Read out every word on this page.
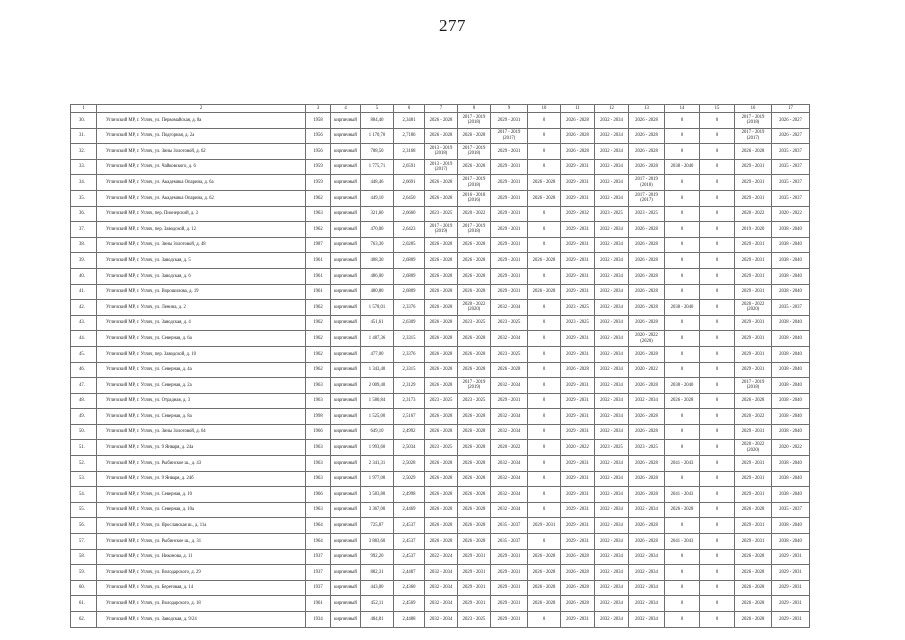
277
1	2	3	4	5	6	7	8	9	10	11	12	13	14	15	16	17
30.	Угличский МР, г. Углич, ул. Первомайская, д. 8а	1958	кирпичный	884,40	2,3481	2026 - 2028	2017 - 2019
(2018)	2029 - 2031	0	2026 - 2028	2032 - 2034	2026 - 2028	0	0	2017 - 2019
(2018)	2026 - 2027
31.	Угличский МР, г. Углич, ул. Подгорная, д. 2а	1956	кирпичный	1 170,70	2,7186	2026 - 2028	2026 - 2028	2017 - 2019
(2017)	0	2026 - 2028	2032 - 2034	2026 - 2028	0	0	2017 - 2019
(2017)	2026 - 2027
32.	Угличский МР, г. Углич, ул. Зины Золотовой, д. 62	1956	кирпичный	708,50	2,3168	2013 - 2019
(2018)	2017 - 2019
(2018)	2029 - 2031	0	2026 - 2028	2032 - 2034	2026 - 2028	0	0	2026 - 2028	2035 - 2037
33.	Угличский МР, г. Углич, ул. Чайковского, д. 6	1959	кирпичный	1 775,71	2,6591	2013 - 2019
(2017)	2026 - 2028	2029 - 2031	0	2029 - 2031	2032 - 2034	2026 - 2028	2038 - 2040	0	2029 - 2031	2035 - 2037
34.	Угличский МР, г. Углич, ул. Академика Опарина, д. 6а	1959	кирпичный	448,46	2,6691	2026 - 2028	2017 - 2019
(2018)	2029 - 2031	2026 - 2028	2029 - 2031	2032 - 2034	2017 - 2019
(2018)	0	0	2029 - 2031	2035 - 2037
35.	Угличский МР, г. Углич, ул. Академика Опарина, д. 62	1962	кирпичный	449,10	2,6450	2026 - 2028	2016 - 2018
(2016)	2029 - 2031	2026 - 2028	2029 - 2031	2032 - 2034	2017 - 2019
(2017)	0	0	2029 - 2031	2035 - 2037
36.	Угличский МР, г. Углич, пер. Пионерский, д. 3	1963	кирпичный	321,60	2,6660	2023 - 2025	2020 - 2022	2029 - 2031	0	2029 - 2032	2023 - 2025	2023 - 2025	0	0	2020 - 2022	2020 - 2022
37.	Угличский МР, г. Углич, пер. Заводской, д. 12	1962	кирпичный	470,00	2,6423	2017 - 2019
(2019)	2017 - 2019
(2018)	2029 - 2031	0	2029 - 2031	2032 - 2034	2026 - 2028	0	0	2019 - 2020	2038 - 2040
38.	Угличский МР, г. Углич, ул. Зины Золотовой, д. 48	1987	кирпичный	763,30	2,0285	2026 - 2028	2026 - 2028	2029 - 2031	0	2029 - 2031	2032 - 2034	2026 - 2028	0	0	2029 - 2031	2038 - 2040
39.	Угличский МР, г. Углич, ул. Заводская, д. 5	1961	кирпичный	408,30	2,6809	2026 - 2028	2026 - 2028	2029 - 2031	2026 - 2028	2029 - 2031	2032 - 2034	2026 - 2028	0	0	2029 - 2031	2038 - 2040
40.	Угличский МР, г. Углич, ул. Заводская, д. 6	1961	кирпичный	486,00	2,6809	2026 - 2028	2026 - 2028	2029 - 2031	0	2029 - 2031	2032 - 2034	2026 - 2028	0	0	2029 - 2031	2038 - 2040
41.	Угличский МР, г. Углич, ул. Ворошилова, д. 19	1961	кирпичный	480,80	2,6809	2026 - 2028	2026 - 2028	2029 - 2031	2026 - 2028	2029 - 2031	2032 - 2034	2026 - 2028	0	0	2029 - 2031	2038 - 2040
42.	Угличский МР, г. Углич, ул. Ленина, д. 2	1962	кирпичный	1 578,01	2,3376	2026 - 2028	2020 - 2022
(2020)	2032 - 2034	0	2023 - 2025	2032 - 2034	2026 - 2028	2038 - 2040	0	2020 - 2022
(2020)	2035 - 2037
43.	Угличский МР, г. Углич, ул. Заводская, д. 4	1962	кирпичный	451,61	2,6309	2026 - 2028	2023 - 2025	2023 - 2025	0	2023 - 2025	2032 - 2034	2026 - 2028	0	0	2029 - 2031	2038 - 2040
44.	Угличский МР, г. Углич, ул. Северная, д. 6а	1962	кирпичный	1 487,36	2,3315	2026 - 2028	2026 - 2028	2032 - 2034	0	2029 - 2031	2032 - 2034	2020 - 2022
(2020)	0	0	2029 - 2031	2038 - 2040
45.	Угличский МР, г. Углич, пер. Заводской, д. 10	1962	кирпичный	477,00	2,3376	2026 - 2028	2026 - 2028	2023 - 2025	0	2029 - 2031	2032 - 2034	2026 - 2028	0	0	2029 - 2031	2038 - 2040
46.	Угличский МР, г. Углич, ул. Северная, д. 4а	1962	кирпичный	1 343,40	2,3315	2026 - 2028	2026 - 2028	2026 - 2028	0	2026 - 2028	2032 - 2034	2020 - 2022	0	0	2029 - 2031	2038 - 2040
47.	Угличский МР, г. Углич, ул. Северная, д. 2а	1963	кирпичный	2 009,40	2,3129	2026 - 2028	2017 - 2019
(2019)	2032 - 2034	0	2029 - 2031	2032 - 2034	2026 - 2028	2038 - 2040	0	2017 - 2019
(2018)	2038 - 2040
48.	Угличский МР, г. Углич, ул. Отрадная, д. 3	1963	кирпичный	1 580,84	2,3173	2023 - 2025	2023 - 2025	2029 - 2031	0	2029 - 2031	2032 - 2034	2032 - 2034	2026 - 2028	0	2026 - 2028	2038 - 2040
49.	Угличский МР, г. Углич, ул. Северная, д. 8а	1998	кирпичный	1 525,00	2,5167	2026 - 2028	2026 - 2028	2032 - 2034	0	2029 - 2031	2032 - 2034	2026 - 2028	0	0	2020 - 2022	2038 - 2040
50.	Угличский МР, г. Углич, ул. Зины Золотовой, д. 64	1966	кирпичный	649,10	2,4992	2026 - 2028	2026 - 2028	2032 - 2034	0	2029 - 2031	2032 - 2034	2026 - 2028	0	0	2029 - 2031	2038 - 2040
51.	Угличский МР, г. Углич, ул. 9 Января, д. 24а	1963	кирпичный	1 993,60	2,5034	2023 - 2025	2026 - 2028	2020 - 2022	0	2020 - 2022	2023 - 2025	2023 - 2025	0	0	2020 - 2022
(2020)	2020 - 2022
52.	Угличский МР, г. Углич, ул. Рыбинское ш., д. 43	1963	кирпичный	2 341,31	2,5028	2026 - 2028	2026 - 2028	2032 - 2034	0	2029 - 2031	2032 - 2034	2026 - 2028	2041 - 2043	0	2029 - 2031	2038 - 2040
53.	Угличский МР, г. Углич, ул. 9 Января, д. 24б	1963	кирпичный	1 977,00	2,5029	2026 - 2028	2026 - 2028	2032 - 2034	0	2029 - 2031	2032 - 2034	2026 - 2028	0	0	2029 - 2031	2038 - 2040
54.	Угличский МР, г. Углич, ул. Северная, д. 10	1966	кирпичный	3 583,80	2,4998	2026 - 2028	2026 - 2028	2032 - 2034	0	2029 - 2031	2032 - 2034	2026 - 2028	2041 - 2043	0	2029 - 2031	2038 - 2040
55.	Угличский МР, г. Углич, ул. Северная, д. 10а	1963	кирпичный	3 367,00	2,4469	2026 - 2028	2026 - 2028	2032 - 2034	0	2029 - 2031	2032 - 2034	2032 - 2034	2026 - 2028	0	2026 - 2028	2035 - 2037
56.	Угличский МР, г. Углич, ул. Ярославская ш., д. 11а	1964	кирпичный	725,87	2,4537	2026 - 2028	2026 - 2028	2035 - 2037	2029 - 2031	2029 - 2031	2032 - 2034	2026 - 2028	0	0	2029 - 2031	2038 - 2040
57.	Угличский МР, г. Углич, ул. Рыбинское ш., д. 31	1964	кирпичный	3 883,60	2,4537	2026 - 2028	2026 - 2028	2035 - 2037	0	2029 - 2031	2032 - 2034	2026 - 2028	2041 - 2043	0	2029 - 2031	2038 - 2040
58.	Угличский МР, г. Углич, ул. Никонова, д. 11	1937	кирпичный	992,20	2,4537	2022 - 2024	2029 - 2031	2029 - 2031	2026 - 2028	2026 - 2028	2032 - 2034	2032 - 2034	0	0	2026 - 2028	2029 - 2031
59.	Угличский МР, г. Углич, ул. Володарского, д. 29	1937	кирпичный	882,31	2,4487	2032 - 2034	2029 - 2031	2029 - 2031	2026 - 2028	2026 - 2028	2032 - 2034	2032 - 2034	0	0	2026 - 2028	2029 - 2031
60.	Угличский МР, г. Углич, ул. Береговая, д. 14	1937	кирпичный	443,00	2,4360	2032 - 2034	2029 - 2031	2029 - 2031	2026 - 2028	2026 - 2028	2032 - 2034	2032 - 2034	0	0	2026 - 2028	2029 - 2031
61.	Угличский МР, г. Углич, ул. Володарского, д. 18	1961	кирпичный	452,11	2,4569	2032 - 2034	2029 - 2031	2029 - 2031	2026 - 2028	2026 - 2028	2032 - 2034	2032 - 2034	0	0	2026 - 2028	2029 - 2031
62.	Угличский МР, г. Углич, ул. Заводская, д. 9/24	1934	кирпичный	484,81	2,4488	2032 - 2034	2023 - 2025	2029 - 2031	0	2029 - 2031	2032 - 2034	2032 - 2034	0	0	2026 - 2028	2029 - 2031
